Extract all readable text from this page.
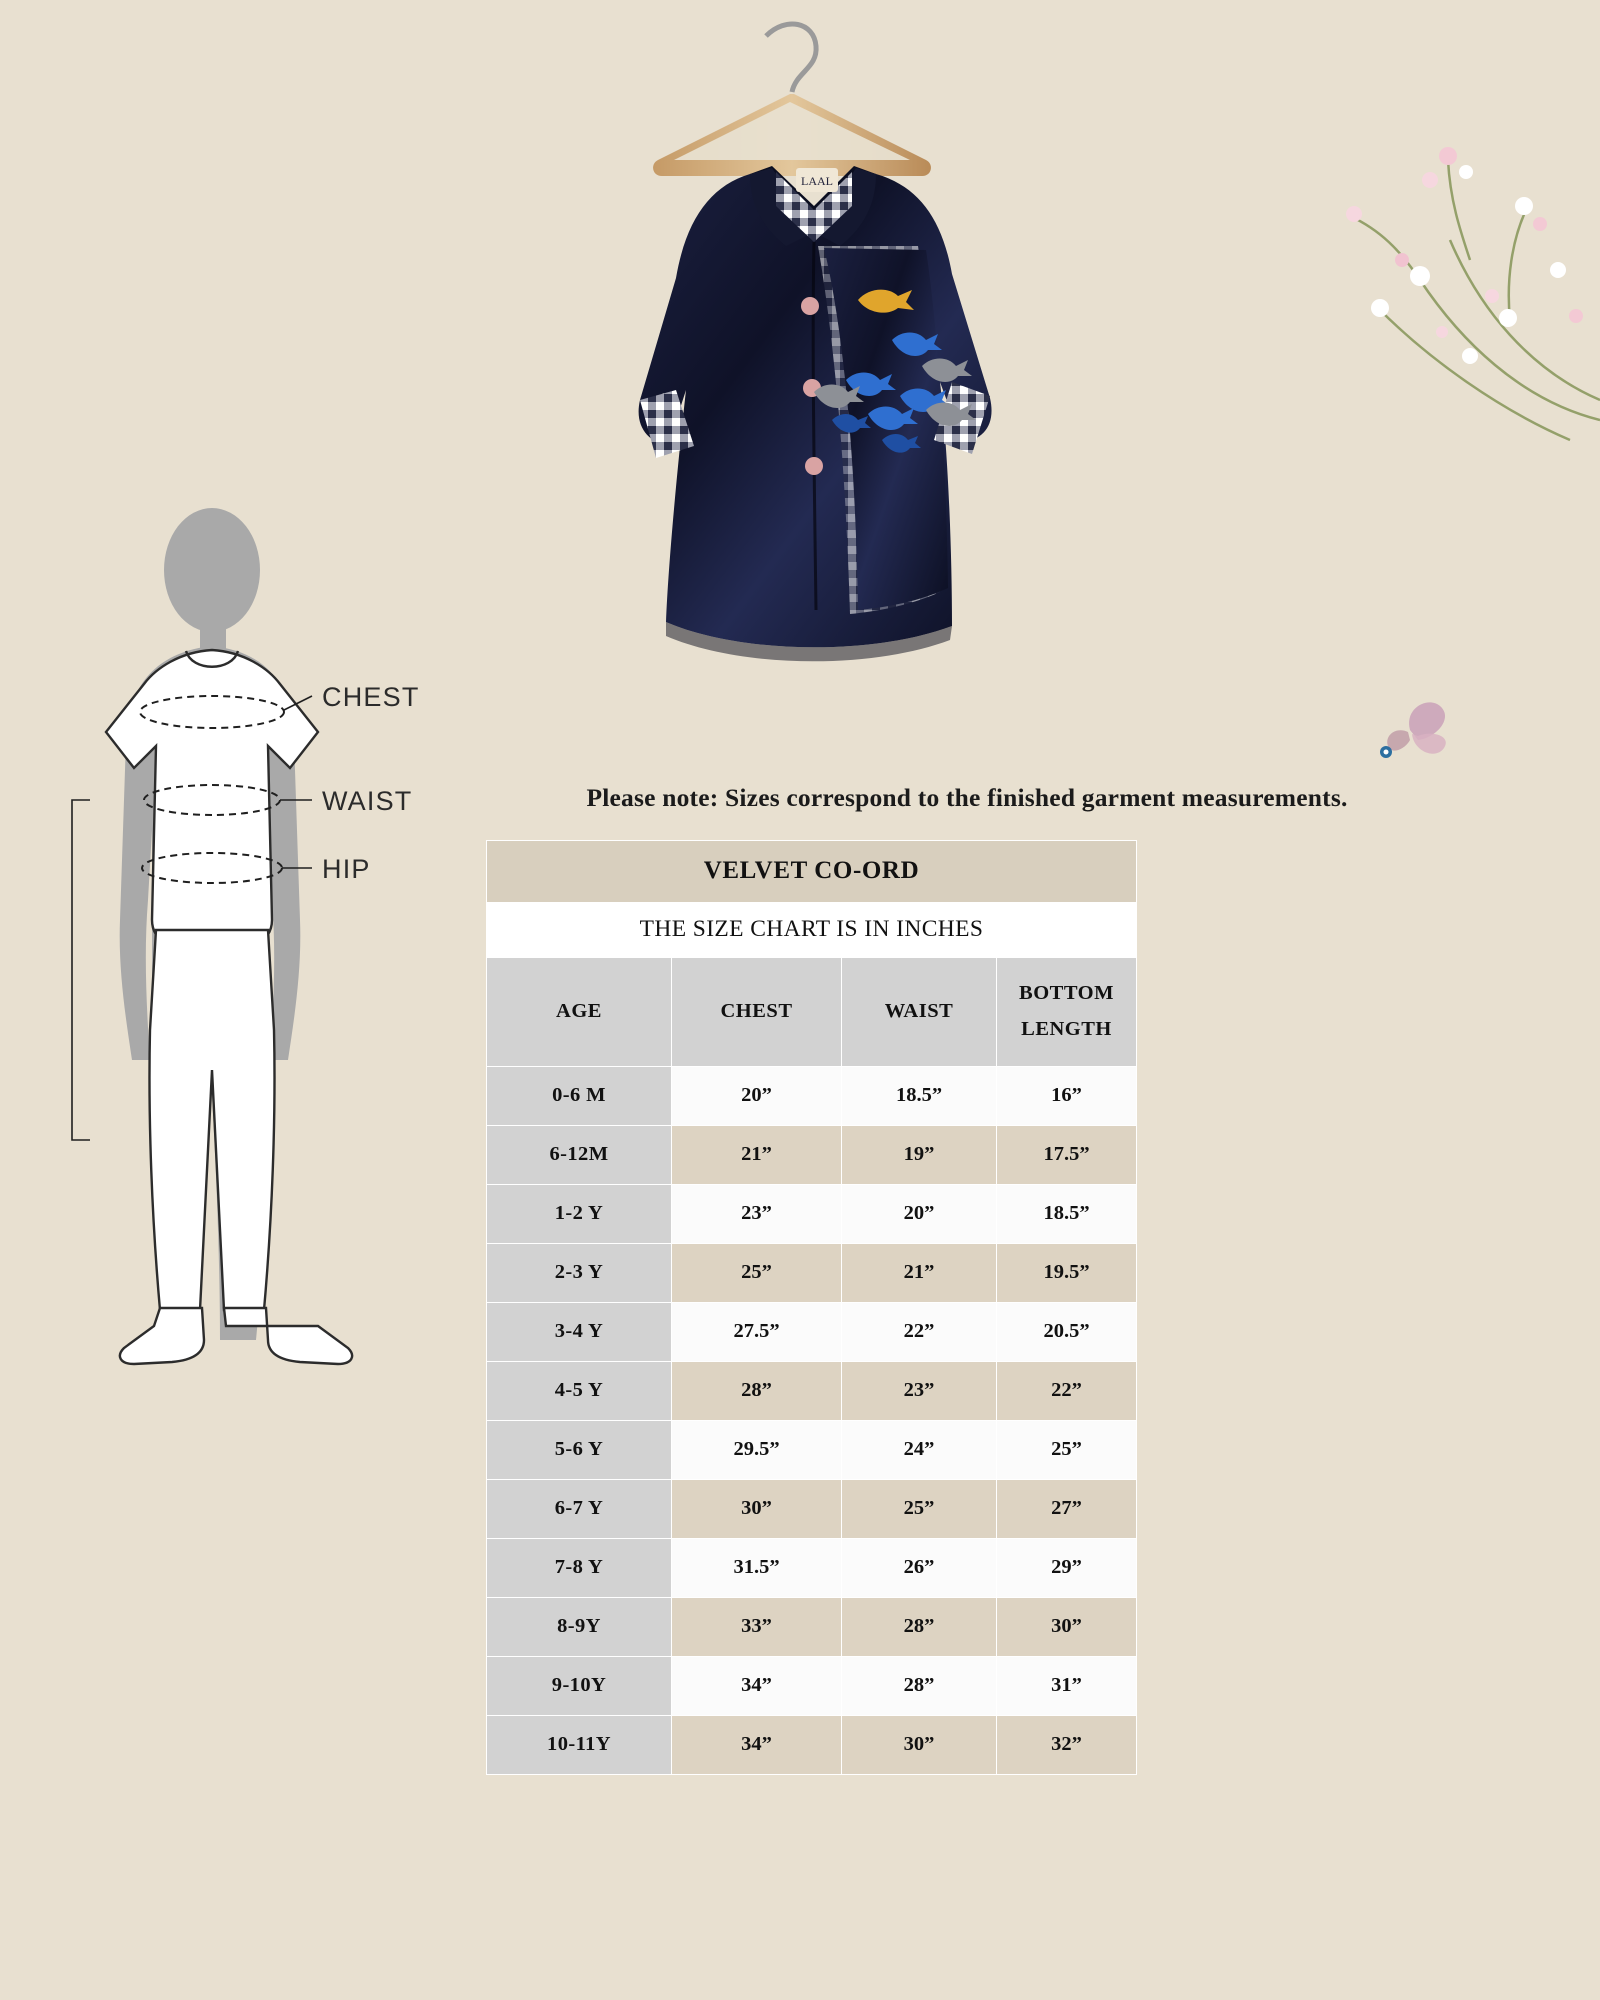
CHEST
WAIST
HIP
LAAL
Please note: Sizes correspond to the finished garment measurements.
VELVET CO-ORD			
THE SIZE CHART IS IN INCHES			
AGE	CHEST	WAIST	BOTTOM
LENGTH
0-6 M	20”	18.5”	16”
6-12M	21”	19”	17.5”
1-2 Y	23”	20”	18.5”
2-3 Y	25”	21”	19.5”
3-4 Y	27.5”	22”	20.5”
4-5 Y	28”	23”	22”
5-6 Y	29.5”	24”	25”
6-7 Y	30”	25”	27”
7-8 Y	31.5”	26”	29”
8-9Y	33”	28”	30”
9-10Y	34”	28”	31”
10-11Y	34”	30”	32”
